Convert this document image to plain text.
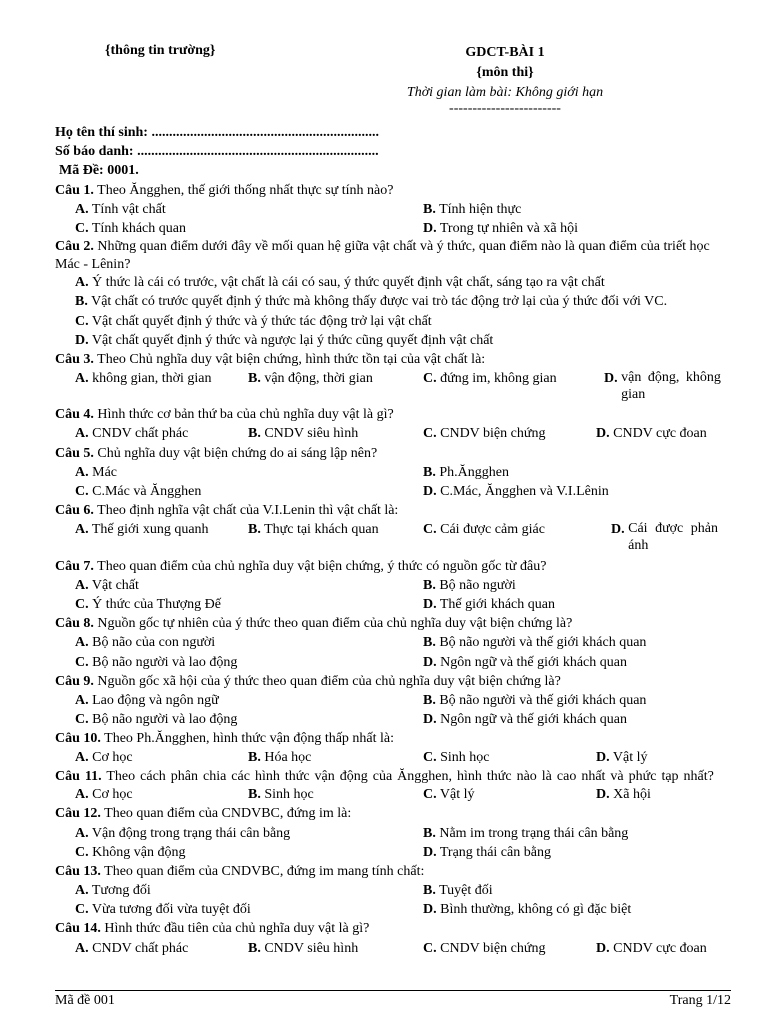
{thông tin trường}	GDCT-BÀI 1
{môn thi}
Thời gian làm bài: Không giới hạn
------------------------
Họ tên thí sinh: .................................................................
Số báo danh: .....................................................................
Mã Đề: 0001.
Câu 1. Theo Ăngghen, thế giới thống nhất thực sự tính nào?
A. Tính vật chất	B. Tính hiện thực
C. Tính khách quan	D. Trong tự nhiên và xã hội
Câu 2. Những quan điểm dưới đây về mối quan hệ giữa vật chất và ý thức, quan điểm nào là quan điểm của triết học Mác - Lênin?
A. Ý thức là cái có trước, vật chất là cái có sau, ý thức quyết định vật chất, sáng tạo ra vật chất
B. Vật chất có trước quyết định ý thức mà không thấy được vai trò tác động trở lại của ý thức đối với VC.
C. Vật chất quyết định ý thức và ý thức tác động trở lại vật chất
D. Vật chất quyết định ý thức và ngược lại ý thức cũng quyết định vật chất
Câu 3. Theo Chủ nghĩa duy vật biện chứng, hình thức tồn tại của vật chất là:
A. không gian, thời gian	B. vận động, thời gian	C. đứng im, không gian	D. vận động, không gian
Câu 4. Hình thức cơ bản thứ ba của chủ nghĩa duy vật là gì?
A. CNDV chất phác	B. CNDV siêu hình	C. CNDV biện chứng	D. CNDV cực đoan
Câu 5. Chủ nghĩa duy vật biện chứng do ai sáng lập nên?
A. Mác	B. Ph.Ăngghen
C. C.Mác và Ăngghen	D. C.Mác, Ăngghen và V.I.Lênin
Câu 6. Theo định nghĩa vật chất của V.I.Lenin thì vật chất là:
A. Thế giới xung quanh	B. Thực tại khách quan	C. Cái được cảm giác	D. Cái được phản ánh
Câu 7. Theo quan điểm của chủ nghĩa duy vật biện chứng, ý thức có nguồn gốc từ đâu?
A. Vật chất	B. Bộ não người
C. Ý thức của Thượng Đế	D. Thế giới khách quan
Câu 8. Nguồn gốc tự nhiên của ý thức theo quan điểm của chủ nghĩa duy vật biện chứng là?
A. Bộ não của con người	B. Bộ não người và thế giới khách quan
C. Bộ não người và lao động	D. Ngôn ngữ và thế giới khách quan
Câu 9. Nguồn gốc xã hội của ý thức theo quan điểm của chủ nghĩa duy vật biện chứng là?
A. Lao động và ngôn ngữ	B. Bộ não người và thế giới khách quan
C. Bộ não người và lao động	D. Ngôn ngữ và thế giới khách quan
Câu 10. Theo Ph.Ăngghen, hình thức vận động thấp nhất là:
A. Cơ học	B. Hóa học	C. Sinh học	D. Vật lý
Câu 11. Theo cách phân chia các hình thức vận động của Ăngghen, hình thức nào là cao nhất và phức tạp nhất?
A. Cơ học	B. Sinh học	C. Vật lý	D. Xã hội
Câu 12. Theo quan điểm của CNDVBC, đứng im là:
A. Vận động trong trạng thái cân bằng	B. Nằm im trong trạng thái cân bằng
C. Không vận động	D. Trạng thái cân bằng
Câu 13. Theo quan điểm của CNDVBC, đứng im mang tính chất:
A. Tương đối	B. Tuyệt đối
C. Vừa tương đối vừa tuyệt đối	D. Bình thường, không có gì đặc biệt
Câu 14. Hình thức đầu tiên của chủ nghĩa duy vật là gì?
A. CNDV chất phác	B. CNDV siêu hình	C. CNDV biện chứng	D. CNDV cực đoan
Mã đề 001	Trang 1/12
